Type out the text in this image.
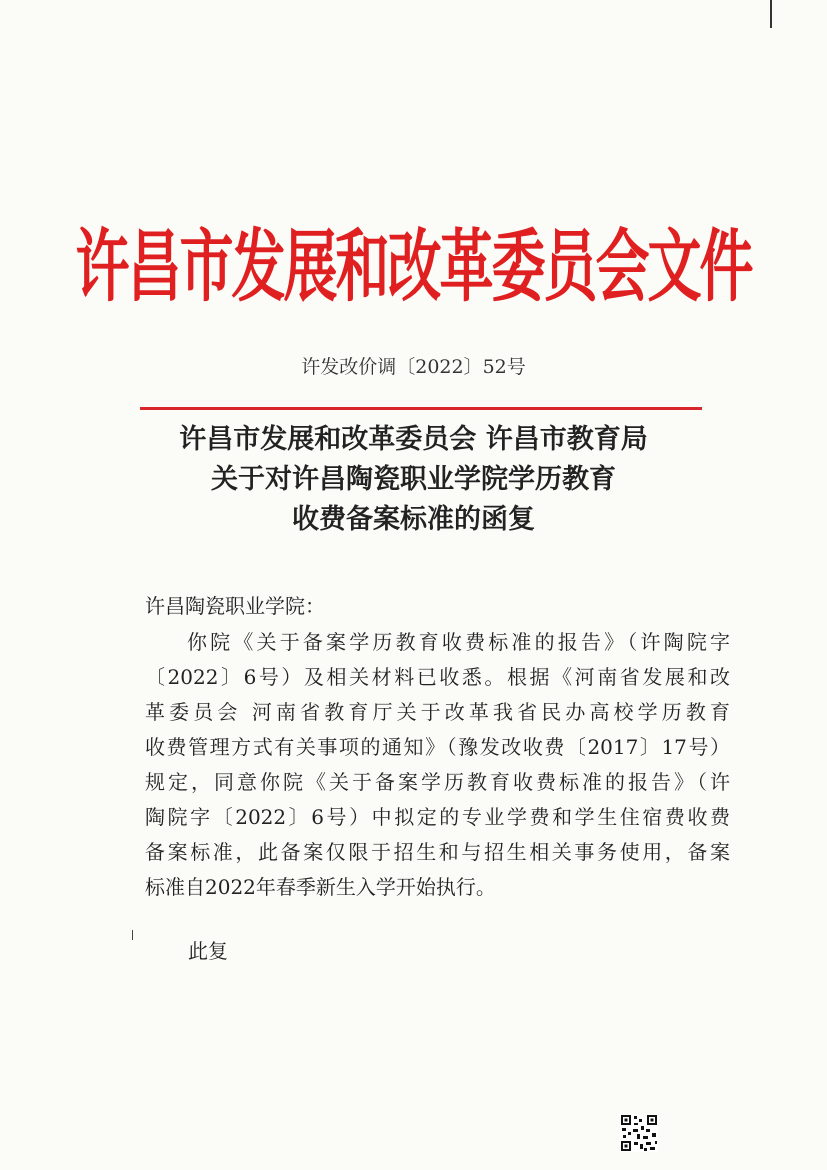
许昌市发展和改革委员会文件
许发改价调〔2022〕52号
许昌市发展和改革委员会 许昌市教育局
关于对许昌陶瓷职业学院学历教育
收费备案标准的函复
许昌陶瓷职业学院：
你院《关于备案学历教育收费标准的报告》（许陶院字
〔2022〕6号）及相关材料已收悉。根据《河南省发展和改
革委员会 河南省教育厅关于改革我省民办高校学历教育
收费管理方式有关事项的通知》（豫发改收费〔2017〕17号）
规定，同意你院《关于备案学历教育收费标准的报告》（许
陶院字〔2022〕6号）中拟定的专业学费和学生住宿费收费
备案标准，此备案仅限于招生和与招生相关事务使用，备案
标准自2022年春季新生入学开始执行。
此复
